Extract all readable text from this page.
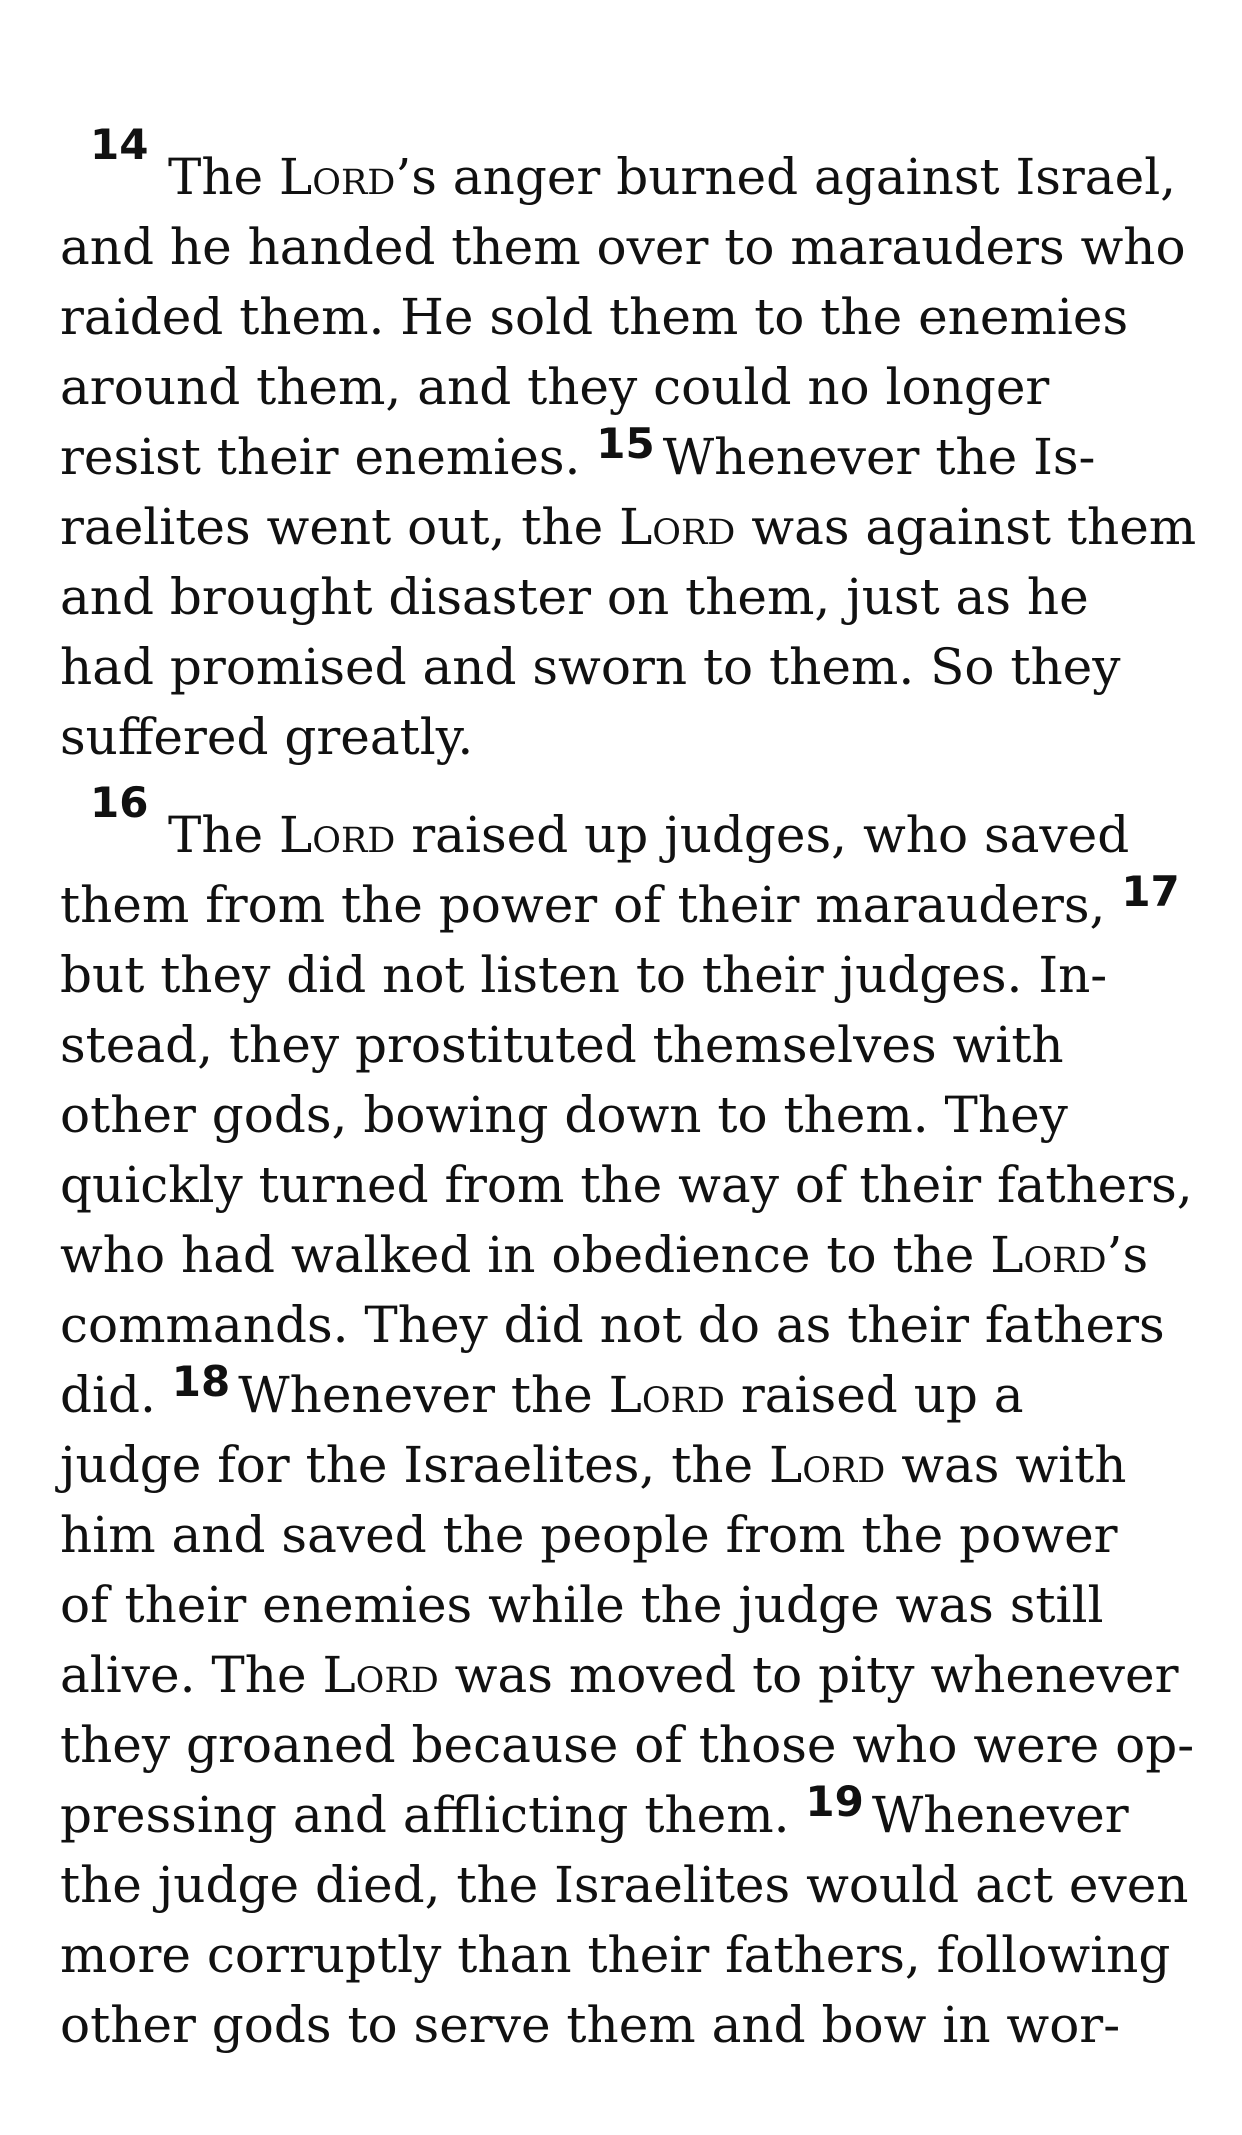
14

The Lord’s anger burned against Israel,

and he handed them over to marauders who

raided them. He sold them to the enemies

around them, and they could no longer

resist their enemies. $^{15}$ Whenever the Is-

raelites went out, the Lord was against them

and brought disaster on them, just as he

had promised and sworn to them. So they

suffered greatly.

16

The Lord raised up judges, who saved

them from the power of their marauders, $^{17}$

but they did not listen to their judges. In-

stead, they prostituted themselves with

other gods, bowing down to them. They

quickly turned from the way of their fathers,

who had walked in obedience to the Lord’s

commands. They did not do as their fathers

did. $^{18}$ Whenever the Lord raised up a

judge for the Israelites, the Lord was with

him and saved the people from the power

of their enemies while the judge was still

alive. The Lord was moved to pity whenever

they groaned because of those who were op-

pressing and afflicting them. $^{19}$ Whenever

the judge died, the Israelites would act even

more corruptly than their fathers, following

other gods to serve them and bow in wor-
